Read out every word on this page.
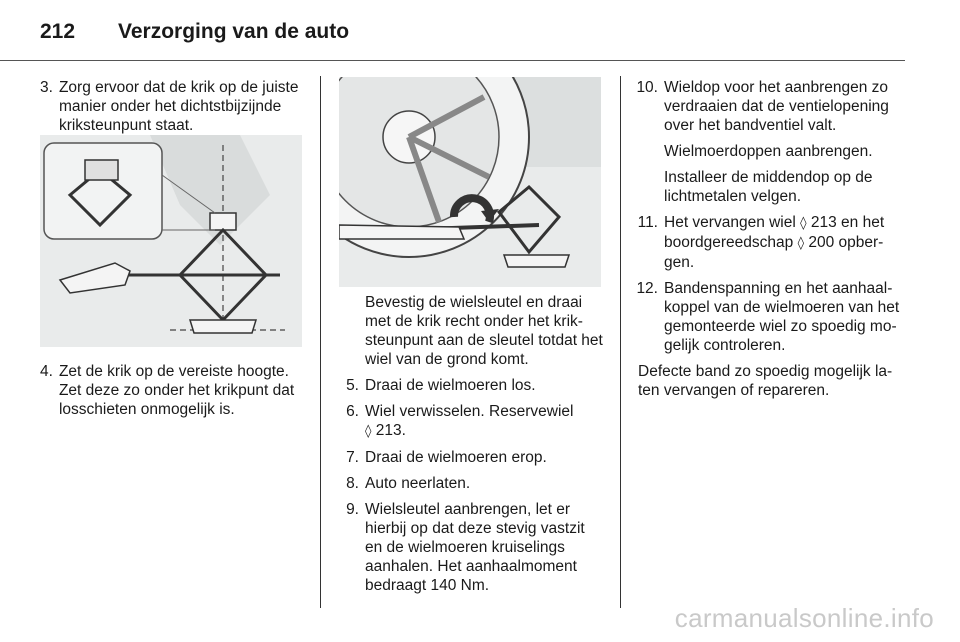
212	Verzorging van de auto
3. Zorg ervoor dat de krik op de juiste manier onder het dichtstbijzijnde kriksteunpunt staat.
4. Zet de krik op de vereiste hoogte. Zet deze zo onder het krikpunt dat losschieten onmogelijk is.
Bevestig de wielsleutel en draai met de krik recht onder het krik-steunpunt aan de sleutel totdat het wiel van de grond komt.
5. Draai de wielmoeren los.
6. Wiel verwisselen. Reservewiel
◊ 213.
7. Draai de wielmoeren erop.
8. Auto neerlaten.
9. Wielsleutel aanbrengen, let er hierbij op dat deze stevig vastzit en de wielmoeren kruiselings aanhalen. Het aanhaalmoment bedraagt 140 Nm.
10. Wieldop voor het aanbrengen zo verdraaien dat de ventielopening over het bandventiel valt.
Wielmoerdoppen aanbrengen.
Installeer de middendop op de lichtmetalen velgen.
11. Het vervangen wiel ◊ 213 en het boordgereedschap ◊ 200 opber-gen.
12. Bandenspanning en het aanhaal-koppel van de wielmoeren van het gemonteerde wiel zo spoedig mo-gelijk controleren.
Defecte band zo spoedig mogelijk la-ten vervangen of repareren.
carmanualsonline.info
